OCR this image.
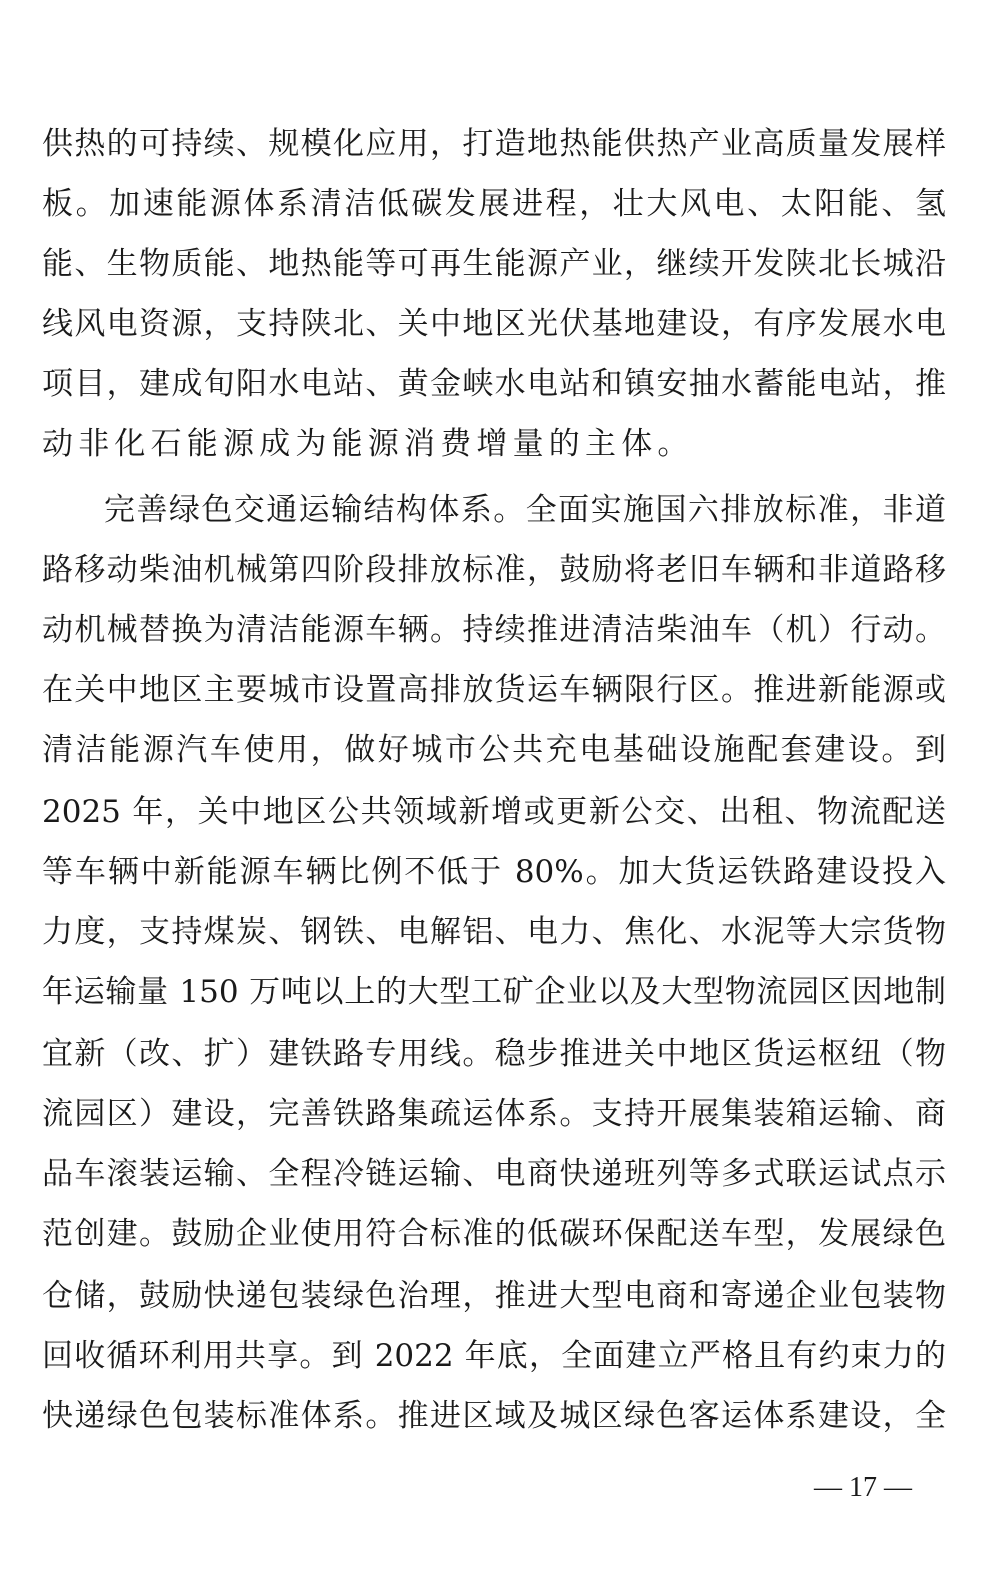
供热的可持续、规模化应用，打造地热能供热产业高质量发展样
板。加速能源体系清洁低碳发展进程，壮大风电、太阳能、氢
能、生物质能、地热能等可再生能源产业，继续开发陕北长城沿
线风电资源，支持陕北、关中地区光伏基地建设，有序发展水电
项目，建成旬阳水电站、黄金峡水电站和镇安抽水蓄能电站，推
动非化石能源成为能源消费增量的主体。
完善绿色交通运输结构体系。全面实施国六排放标准，非道
路移动柴油机械第四阶段排放标准，鼓励将老旧车辆和非道路移
动机械替换为清洁能源车辆。持续推进清洁柴油车（机）行动。
在关中地区主要城市设置高排放货运车辆限行区。推进新能源或
清洁能源汽车使用，做好城市公共充电基础设施配套建设。到
2025 年，关中地区公共领域新增或更新公交、出租、物流配送
等车辆中新能源车辆比例不低于 80%。加大货运铁路建设投入
力度，支持煤炭、钢铁、电解铝、电力、焦化、水泥等大宗货物
年运输量 150 万吨以上的大型工矿企业以及大型物流园区因地制
宜新（改、扩）建铁路专用线。稳步推进关中地区货运枢纽（物
流园区）建设，完善铁路集疏运体系。支持开展集装箱运输、商
品车滚装运输、全程冷链运输、电商快递班列等多式联运试点示
范创建。鼓励企业使用符合标准的低碳环保配送车型，发展绿色
仓储，鼓励快递包装绿色治理，推进大型电商和寄递企业包装物
回收循环利用共享。到 2022 年底，全面建立严格且有约束力的
快递绿色包装标准体系。推进区域及城区绿色客运体系建设，全
— 17 —
